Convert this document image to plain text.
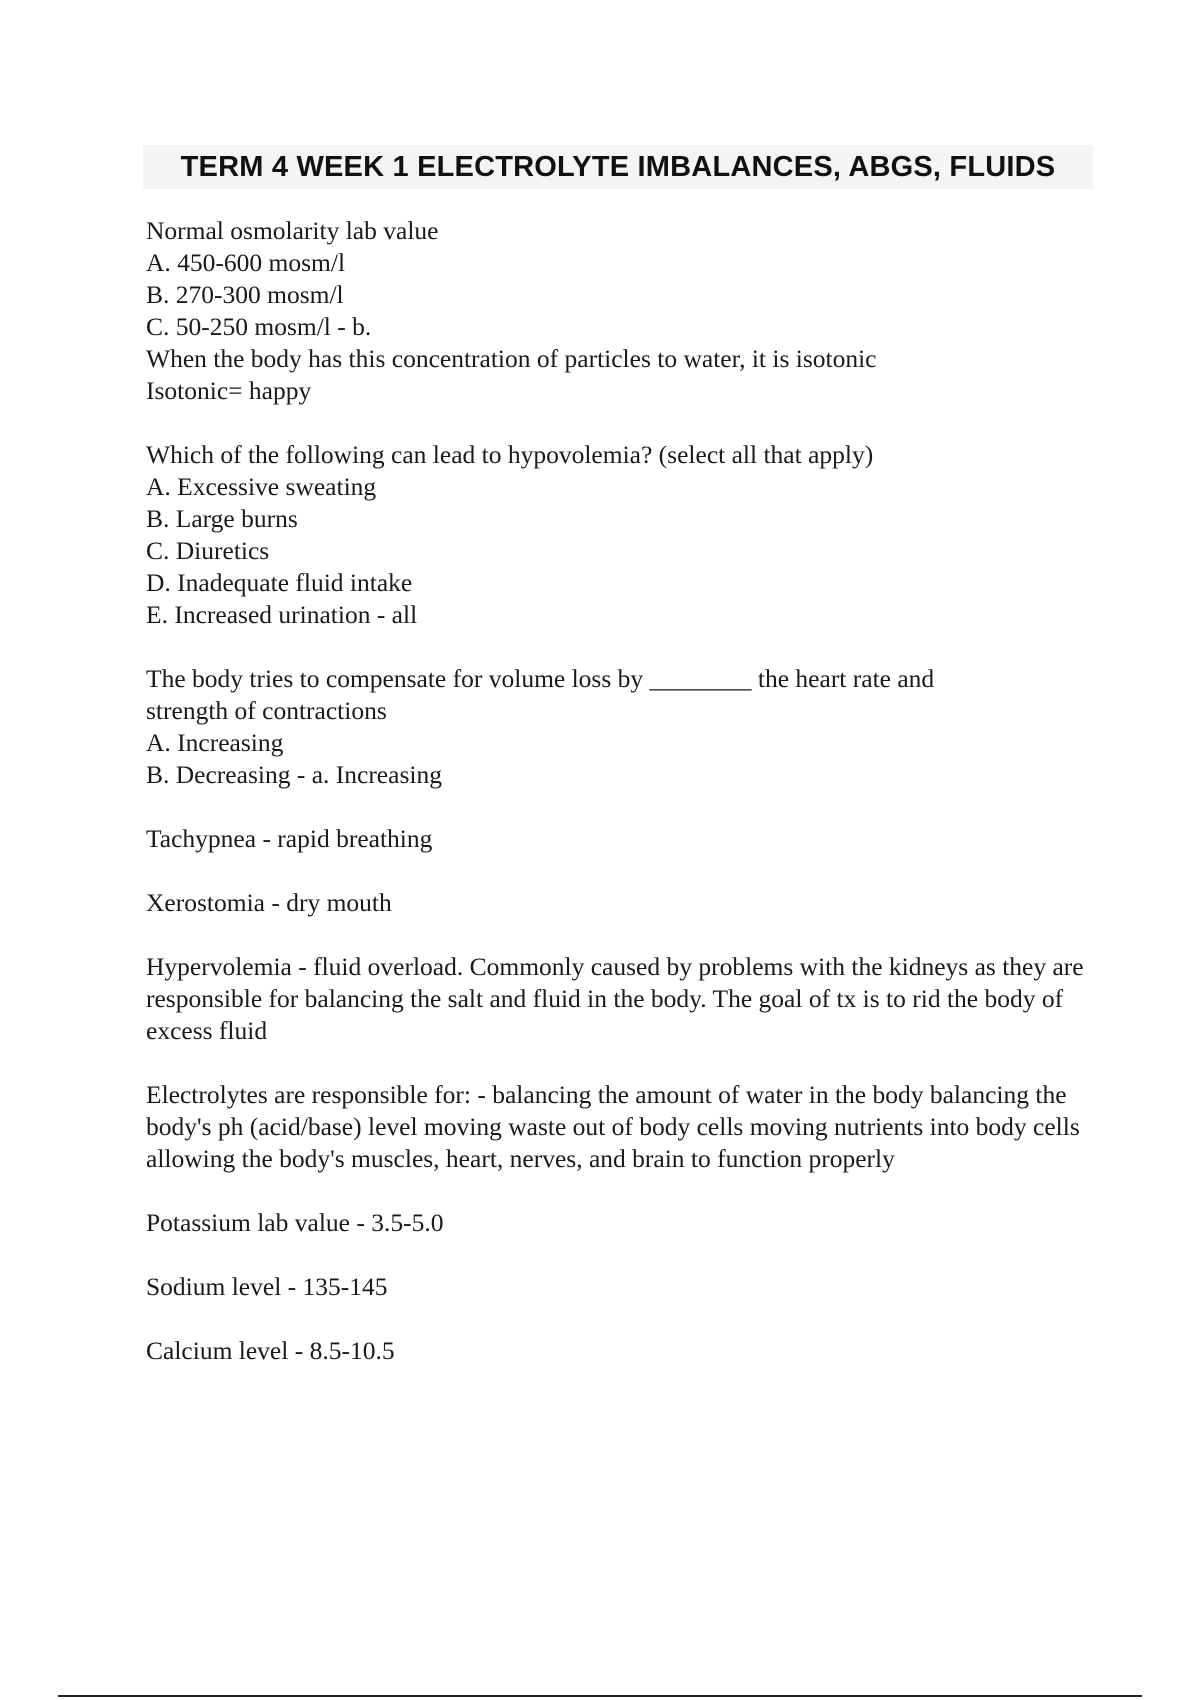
TERM 4 WEEK 1 ELECTROLYTE IMBALANCES, ABGS, FLUIDS
Normal osmolarity lab value
A. 450-600 mosm/l
B. 270-300 mosm/l
C. 50-250 mosm/l - b.
When the body has this concentration of particles to water, it is isotonic
Isotonic= happy
Which of the following can lead to hypovolemia? (select all that apply)
A. Excessive sweating
B. Large burns
C. Diuretics
D. Inadequate fluid intake
E. Increased urination - all
The body tries to compensate for volume loss by ________ the heart rate and
strength of contractions
A. Increasing
B. Decreasing - a. Increasing
Tachypnea - rapid breathing
Xerostomia - dry mouth
Hypervolemia - fluid overload. Commonly caused by problems with the kidneys as they are responsible for balancing the salt and fluid in the body. The goal of tx is to rid the body of excess fluid
Electrolytes are responsible for: - balancing the amount of water in the body balancing the body's ph (acid/base) level moving waste out of body cells moving nutrients into body cells allowing the body's muscles, heart, nerves, and brain to function properly
Potassium lab value - 3.5-5.0
Sodium level - 135-145
Calcium level - 8.5-10.5
